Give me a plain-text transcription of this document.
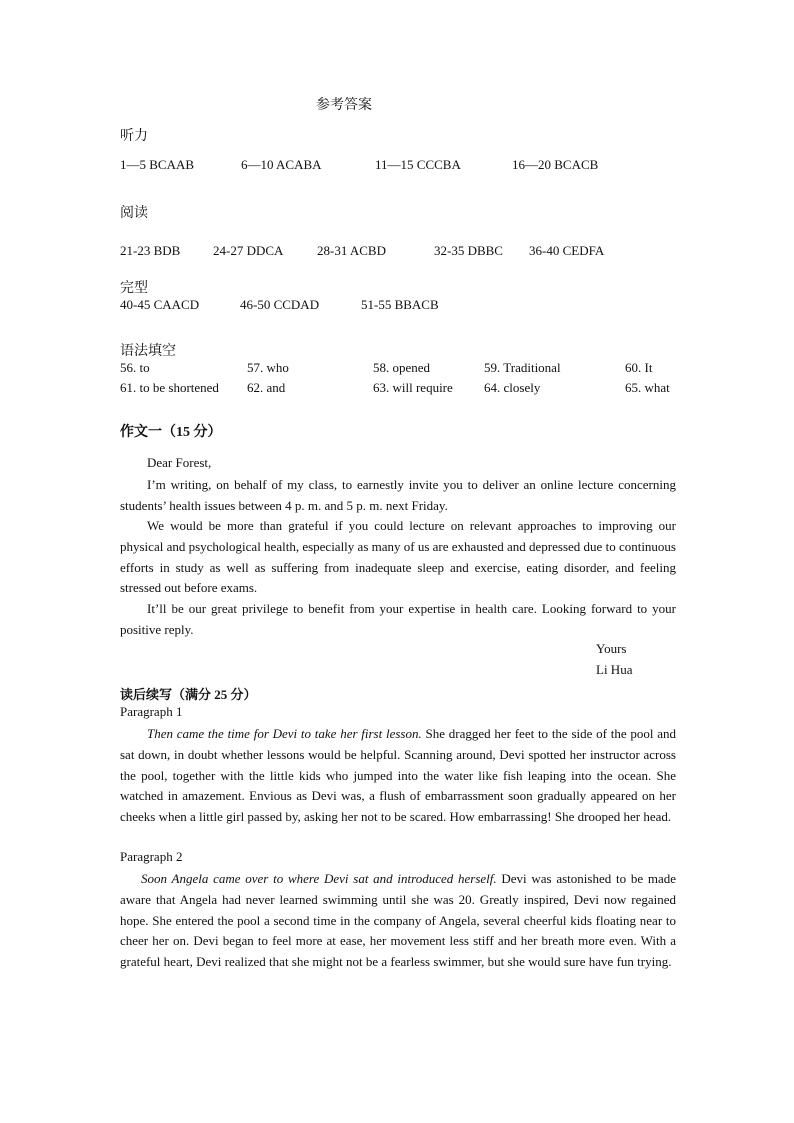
参考答案
听力
1—5 BCAAB	6—10 ACABA	11—15 CCCBA	16—20 BCACB
阅读
21-23 BDB	24-27 DDCA	28-31 ACBD	32-35 DBBC 36-40 CEDFA
完型
40-45 CAACD	46-50 CCDAD	51-55 BBACB
语法填空
56. to	57. who	58. opened	59. Traditional	60. It
61. to be shortened 62. and	63. will require 64. closely	65. what
作文一（15 分）
Dear Forest,
I’m writing, on behalf of my class, to earnestly invite you to deliver an online lecture concerning students’ health issues between 4 p. m. and 5 p. m. next Friday.
We would be more than grateful if you could lecture on relevant approaches to improving our physical and psychological health, especially as many of us are exhausted and depressed due to continuous efforts in study as well as suffering from inadequate sleep and exercise, eating disorder, and feeling stressed out before exams.
It’ll be our great privilege to benefit from your expertise in health care. Looking forward to your positive reply.
Yours
Li Hua
读后续写（满分 25 分）
Paragraph 1
Then came the time for Devi to take her first lesson. She dragged her feet to the side of the pool and sat down, in doubt whether lessons would be helpful. Scanning around, Devi spotted her instructor across the pool, together with the little kids who jumped into the water like fish leaping into the ocean. She watched in amazement. Envious as Devi was, a flush of embarrassment soon gradually appeared on her cheeks when a little girl passed by, asking her not to be scared. How embarrassing! She drooped her head.
Paragraph 2
Soon Angela came over to where Devi sat and introduced herself. Devi was astonished to be made aware that Angela had never learned swimming until she was 20. Greatly inspired, Devi now regained hope. She entered the pool a second time in the company of Angela, several cheerful kids floating near to cheer her on. Devi began to feel more at ease, her movement less stiff and her breath more even. With a grateful heart, Devi realized that she might not be a fearless swimmer, but she would sure have fun trying.
